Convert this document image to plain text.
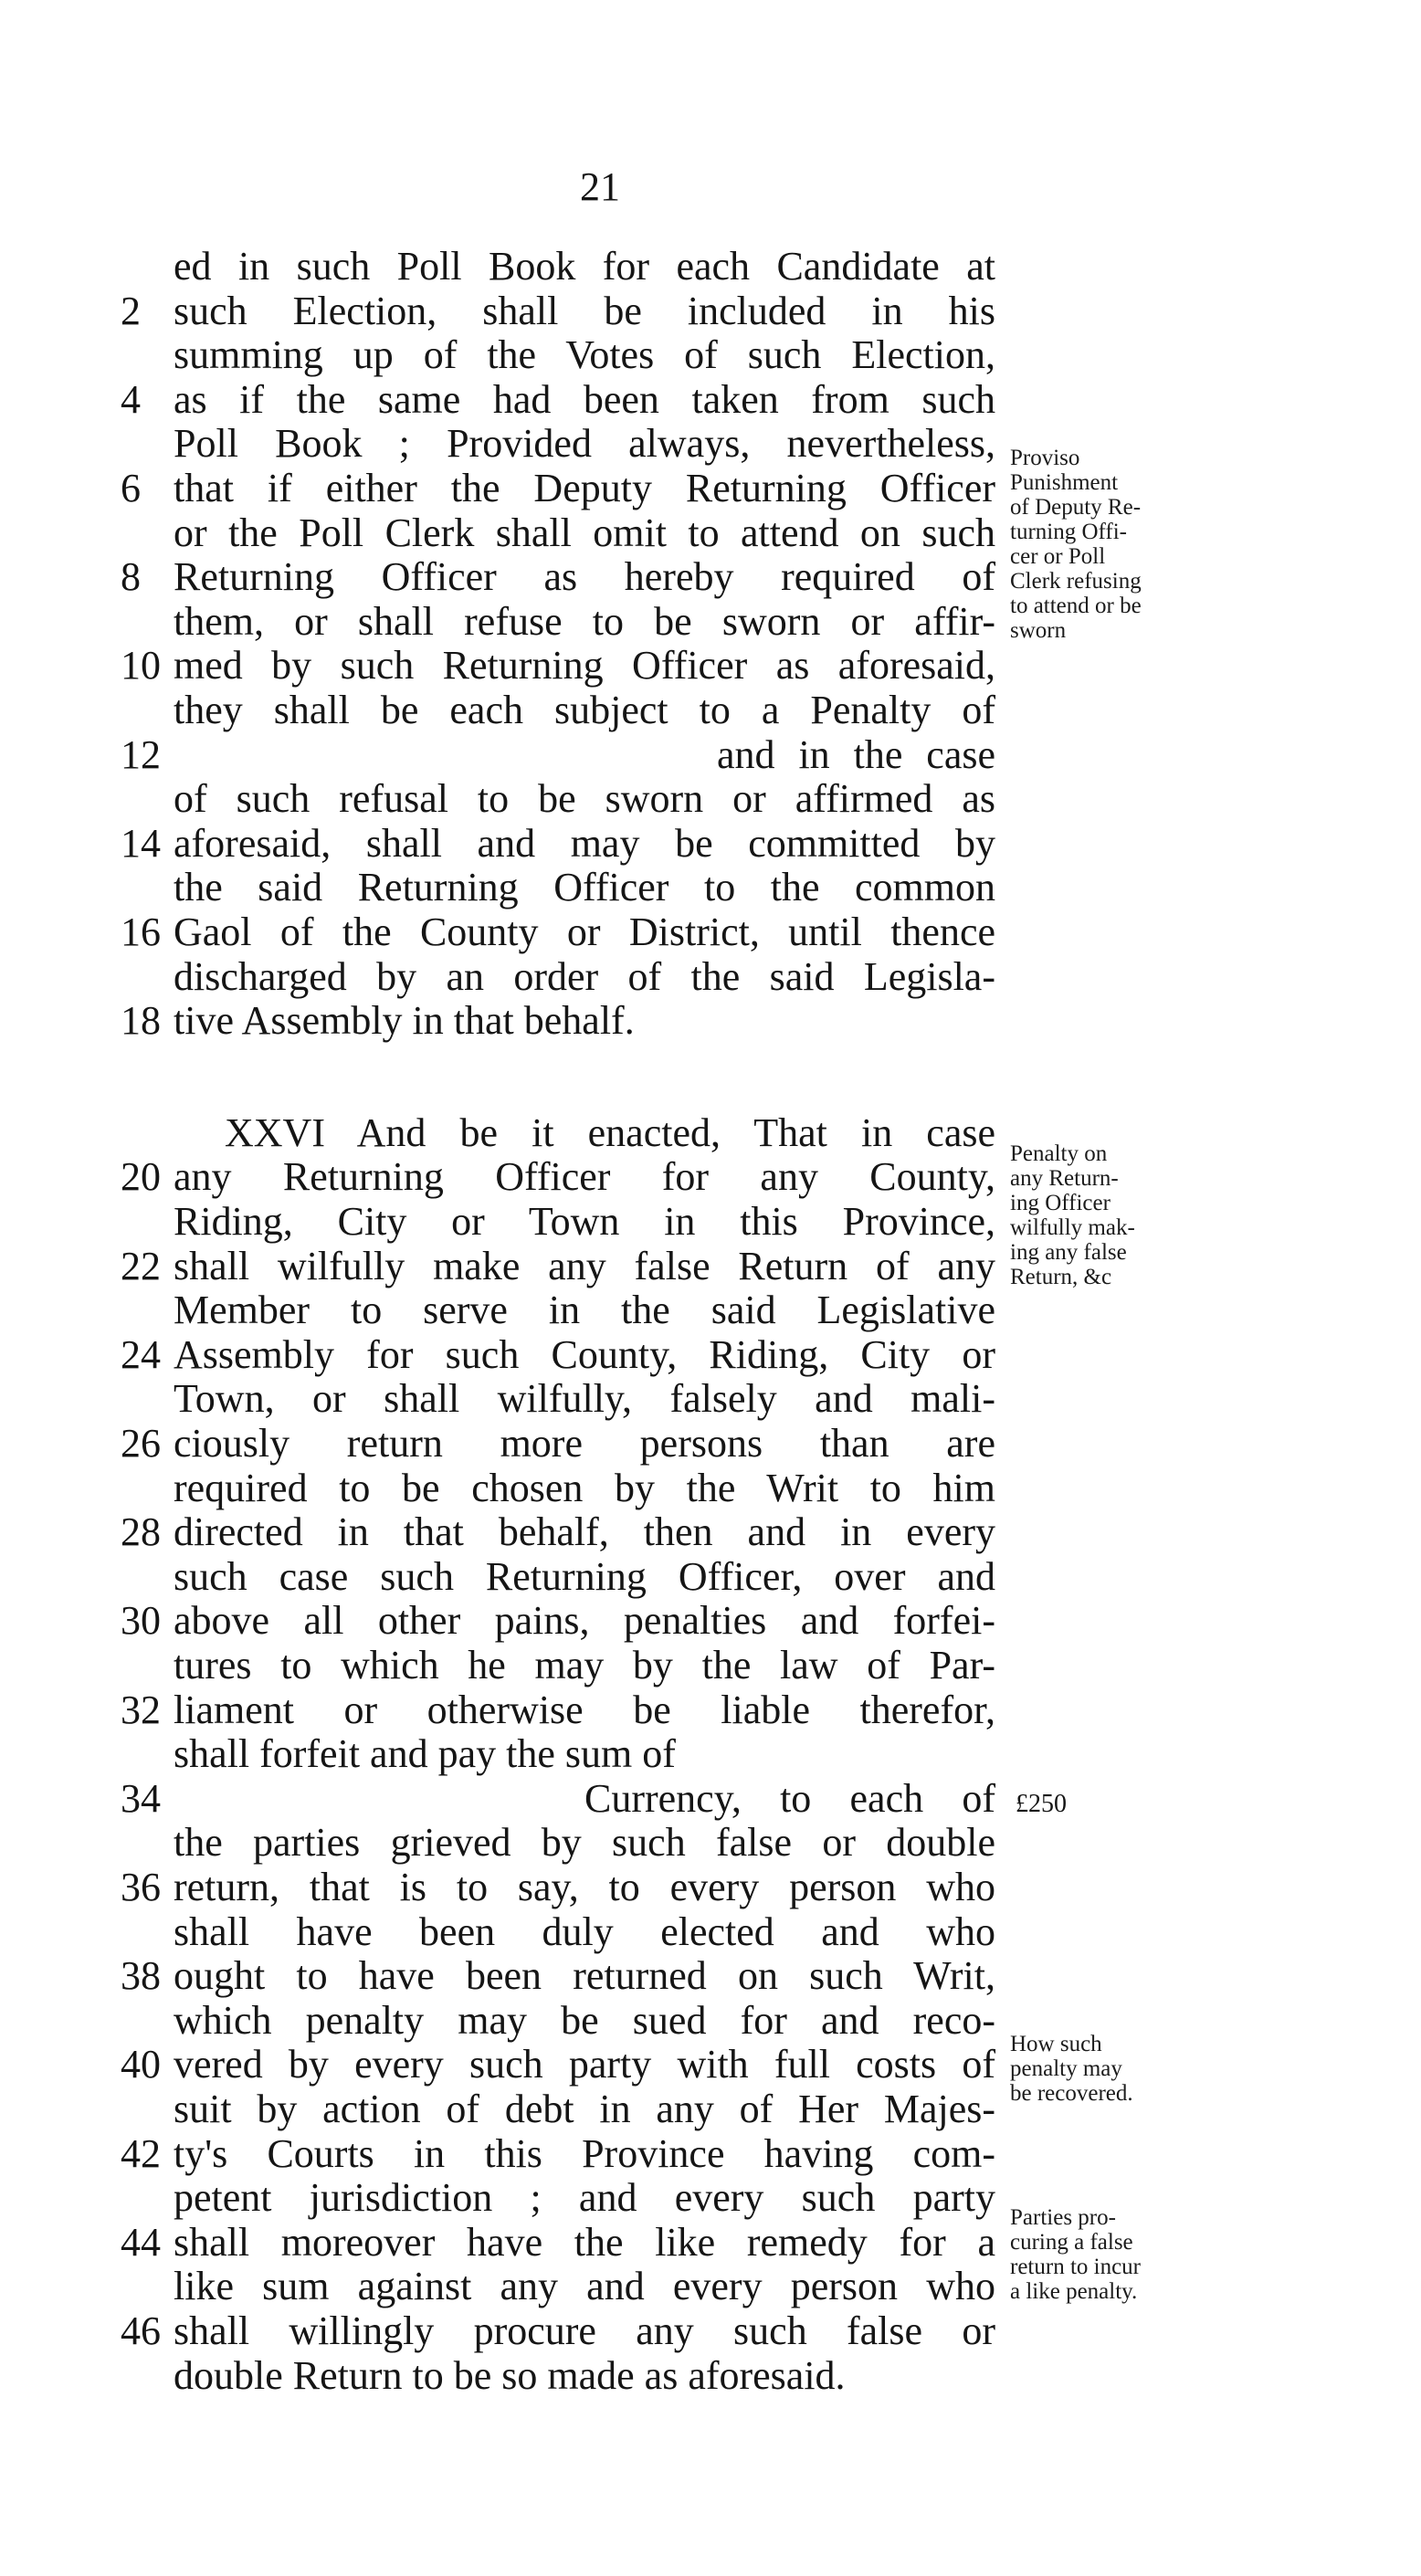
21
ed in such Poll Book for each Candidate at
2 such Election, shall be included in his
summing up of the Votes of such Election,
4 as if the same had been taken from such
Poll Book ; Provided always, nevertheless,
6 that if either the Deputy Returning Officer
or the Poll Clerk shall omit to attend on such
8 Returning Officer as hereby required of
them, or shall refuse to be sworn or affir-
10 med by such Returning Officer as aforesaid,
they shall be each subject to a Penalty of
12	and in the case
of such refusal to be sworn or affirmed as
14 aforesaid, shall and may be committed by
the said Returning Officer to the common
16 Gaol of the County or District, until thence
discharged by an order of the said Legisla-
18 tive Assembly in that behalf.
XXVI And be it enacted, That in case
20 any Returning Officer for any County,
Riding, City or Town in this Province,
22 shall wilfully make any false Return of any
Member to serve in the said Legislative
24 Assembly for such County, Riding, City or
Town, or shall wilfully, falsely and mali-
26 ciously return more persons than are
required to be chosen by the Writ to him
28 directed in that behalf, then and in every
such case such Returning Officer, over and
30 above all other pains, penalties and forfei-
tures to which he may by the law of Par-
32 liament or otherwise be liable therefor,
shall forfeit and pay the sum of
34	Currency, to each of
the parties grieved by such false or double
36 return, that is to say, to every person who
shall have been duly elected and who
38 ought to have been returned on such Writ,
which penalty may be sued for and reco-
40 vered by every such party with full costs of
suit by action of debt in any of Her Majes-
42 ty's Courts in this Province having com-
petent jurisdiction ; and every such party
44 shall moreover have the like remedy for a
like sum against any and every person who
46 shall willingly procure any such false or
double Return to be so made as aforesaid.
Proviso
Punishment
of Deputy Re-
turning Offi-
cer or Poll
Clerk refusing
to attend or be
sworn
Penalty on
any Return-
ing Officer
wilfully mak-
ing any false
Return, &c
How such
penalty may
be recovered.
Parties pro-
curing a false
return to incur
a like penalty.
£250
